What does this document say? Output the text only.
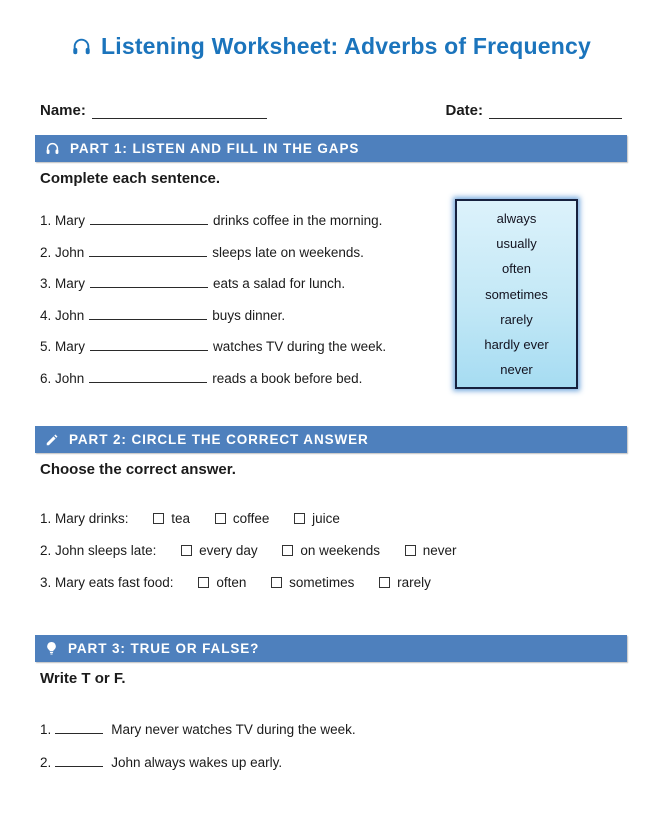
Listening Worksheet: Adverbs of Frequency
Name:	Date:
PART 1: LISTEN AND FILL IN THE GAPS

Complete each sentence.

1. Mary	drinks coffee in the morning.

2. John	sleeps late on weekends.

3. Mary	eats a salad for lunch.

4. John	buys dinner.

5. Mary	watches TV during the week.

6. John	reads a book before bed.

always
usually
often
sometimes
rarely
hardly ever
never
PART 2: CIRCLE THE CORRECT ANSWER

Choose the correct answer.

1. Mary drinks:	tea	coffee	juice

2. John sleeps late:	every day	on weekends	never

3. Mary eats fast food:	often	sometimes	rarely

PART 3: TRUE OR FALSE?

Write T or F.

1.	Mary never watches TV during the week.

2.	John always wakes up early.
